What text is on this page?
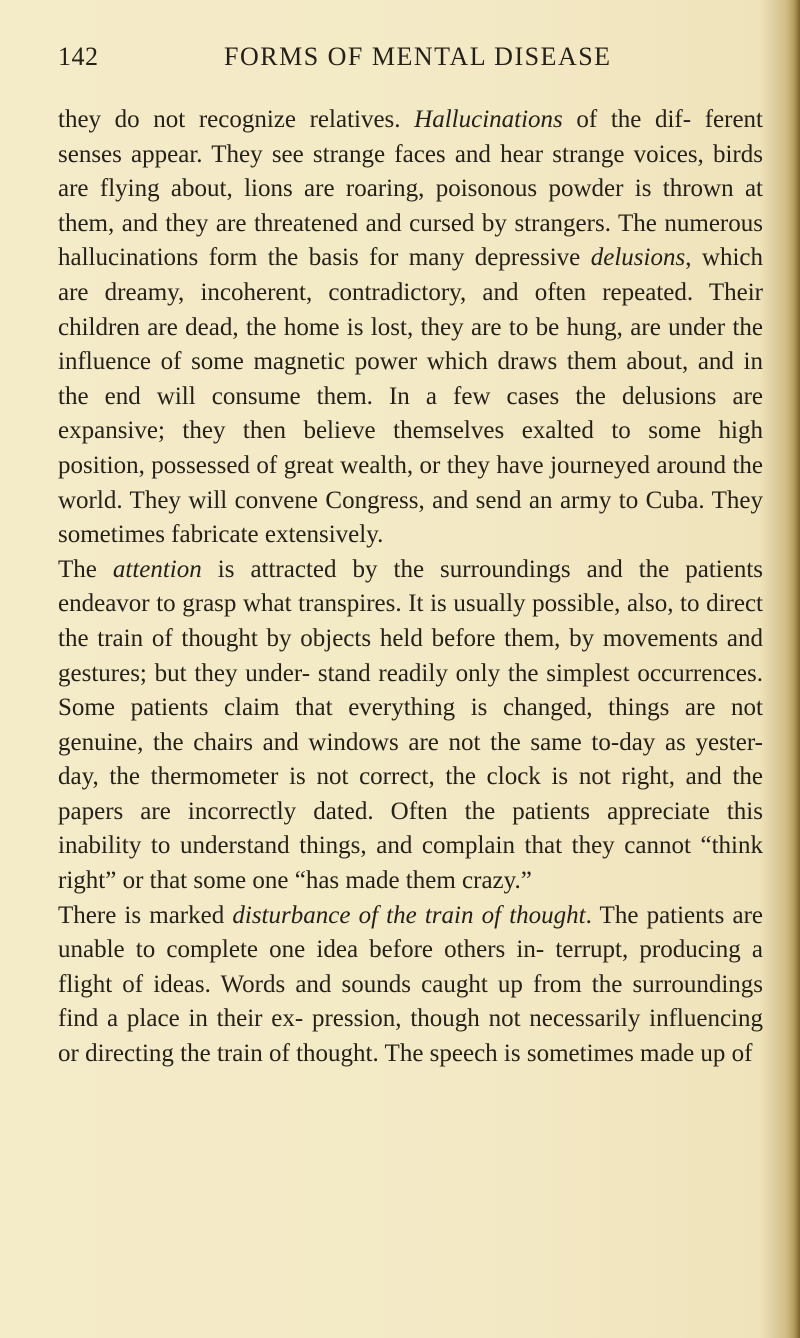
142	FORMS OF MENTAL DISEASE

they do not recognize relatives. Hallucinations of the dif- ferent senses appear. They see strange faces and hear strange voices, birds are flying about, lions are roaring, poisonous powder is thrown at them, and they are threatened and cursed by strangers. The numerous hallucinations form the basis for many depressive delusions, which are dreamy, incoherent, contradictory, and often repeated. Their children are dead, the home is lost, they are to be hung, are under the influence of some magnetic power which draws them about, and in the end will consume them. In a few cases the delusions are expansive; they then believe themselves exalted to some high position, possessed of great wealth, or they have journeyed around the world. They will convene Congress, and send an army to Cuba. They sometimes fabricate extensively.

The attention is attracted by the surroundings and the patients endeavor to grasp what transpires. It is usually possible, also, to direct the train of thought by objects held before them, by movements and gestures; but they under- stand readily only the simplest occurrences. Some patients claim that everything is changed, things are not genuine, the chairs and windows are not the same to-day as yester- day, the thermometer is not correct, the clock is not right, and the papers are incorrectly dated. Often the patients appreciate this inability to understand things, and complain that they cannot “think right” or that some one “has made them crazy.”

There is marked disturbance of the train of thought. The patients are unable to complete one idea before others in- terrupt, producing a flight of ideas. Words and sounds caught up from the surroundings find a place in their ex- pression, though not necessarily influencing or directing the train of thought. The speech is sometimes made up of
